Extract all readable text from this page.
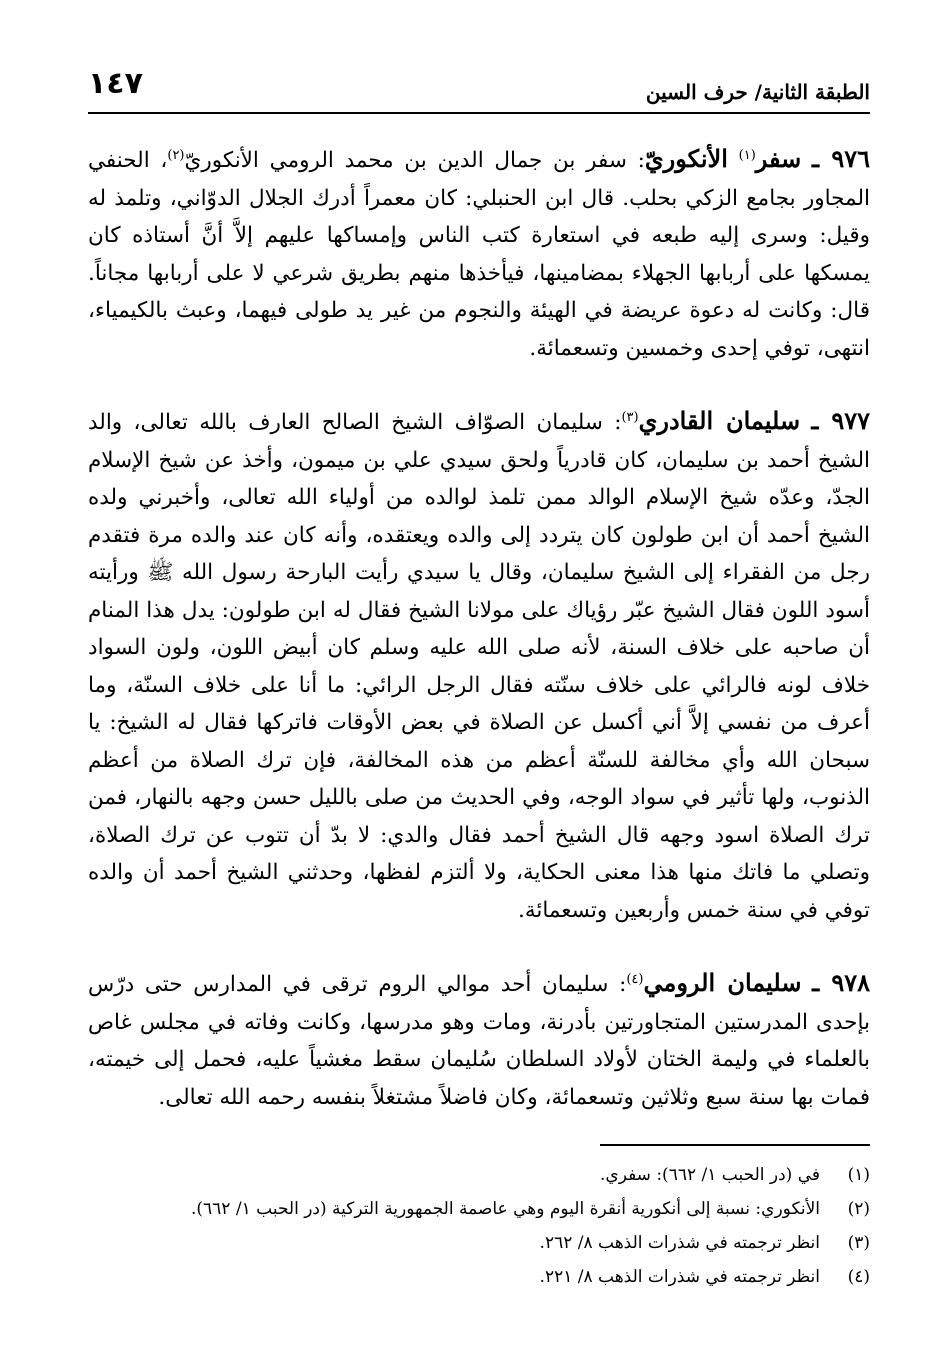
١٤٧	الطبقة الثانية/ حرف السين

٩٧٦ ـ سفر$^{(١)}$ الأنكوريّ: سفر بن جمال الدين بن محمد الرومي الأنكوريّ$^{(٢)}$، الحنفي المجاور بجامع الزكي بحلب. قال ابن الحنبلي: كان معمراً أدرك الجلال الدوّاني، وتلمذ له وقيل: وسرى إليه طبعه في استعارة كتب الناس وإمساكها عليهم إلاَّ أنَّ أستاذه كان يمسكها على أربابها الجهلاء بمضامينها، فيأخذها منهم بطريق شرعي لا على أربابها مجاناً. قال: وكانت له دعوة عريضة في الهيئة والنجوم من غير يد طولى فيهما، وعبث بالكيمياء، انتهى، توفي إحدى وخمسين وتسعمائة.

٩٧٧ ـ سليمان القادري$^{(٣)}$: سليمان الصوّاف الشيخ الصالح العارف بالله تعالى، والد الشيخ أحمد بن سليمان، كان قادرياً ولحق سيدي علي بن ميمون، وأخذ عن شيخ الإسلام الجدّ، وعدّه شيخ الإسلام الوالد ممن تلمذ لوالده من أولياء الله تعالى، وأخبرني ولده الشيخ أحمد أن ابن طولون كان يتردد إلى والده ويعتقده، وأنه كان عند والده مرة فتقدم رجل من الفقراء إلى الشيخ سليمان، وقال يا سيدي رأيت البارحة رسول الله ﷺ ورأيته أسود اللون فقال الشيخ عبّر رؤياك على مولانا الشيخ فقال له ابن طولون: يدل هذا المنام أن صاحبه على خلاف السنة، لأنه صلى الله عليه وسلم كان أبيض اللون، ولون السواد خلاف لونه فالرائي على خلاف سنّته فقال الرجل الرائي: ما أنا على خلاف السنّة، وما أعرف من نفسي إلاَّ أني أكسل عن الصلاة في بعض الأوقات فاتركها فقال له الشيخ: يا سبحان الله وأي مخالفة للسنّة أعظم من هذه المخالفة، فإن ترك الصلاة من أعظم الذنوب، ولها تأثير في سواد الوجه، وفي الحديث من صلى بالليل حسن وجهه بالنهار، فمن ترك الصلاة اسود وجهه قال الشيخ أحمد فقال والدي: لا بدّ أن تتوب عن ترك الصلاة، وتصلي ما فاتك منها هذا معنى الحكاية، ولا ألتزم لفظها، وحدثني الشيخ أحمد أن والده توفي في سنة خمس وأربعين وتسعمائة.

٩٧٨ ـ سليمان الرومي$^{(٤)}$: سليمان أحد موالي الروم ترقى في المدارس حتى درّس بإحدى المدرستين المتجاورتين بأدرنة، ومات وهو مدرسها، وكانت وفاته في مجلس غاص بالعلماء في وليمة الختان لأولاد السلطان سُليمان سقط مغشياً عليه، فحمل إلى خيمته، فمات بها سنة سبع وثلاثين وتسعمائة، وكان فاضلاً مشتغلاً بنفسه رحمه الله تعالى.

(١)
في (در الحبب ١/ ٦٦٢): سفري.
(٢)
الأنكوري: نسبة إلى أنكورية أنقرة اليوم وهي عاصمة الجمهورية التركية (در الحبب ١/ ٦٦٢).
(٣)
انظر ترجمته في شذرات الذهب ٨/ ٢٦٢.
(٤)
انظر ترجمته في شذرات الذهب ٨/ ٢٢١.
